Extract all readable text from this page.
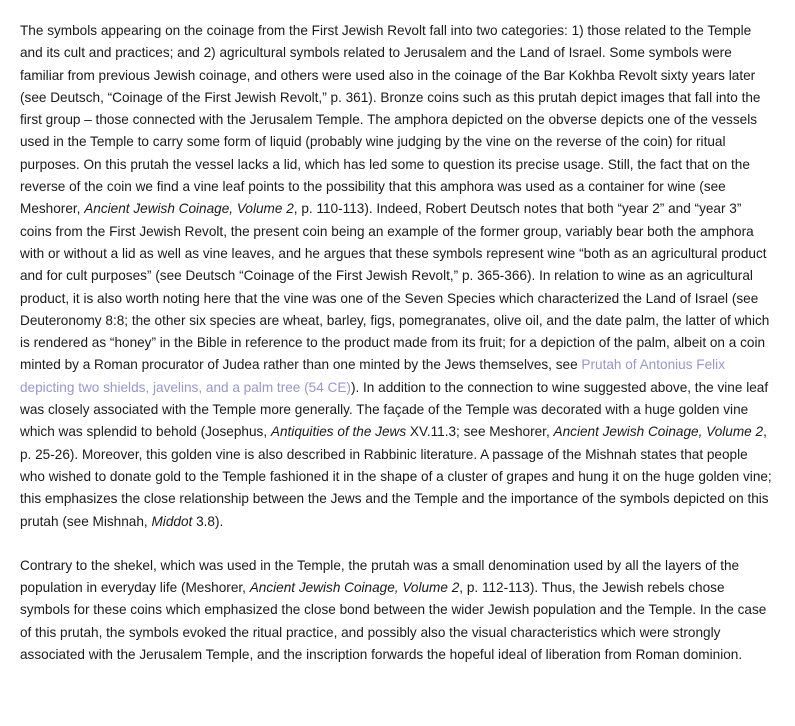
The symbols appearing on the coinage from the First Jewish Revolt fall into two categories: 1) those related to the Temple and its cult and practices; and 2) agricultural symbols related to Jerusalem and the Land of Israel. Some symbols were familiar from previous Jewish coinage, and others were used also in the coinage of the Bar Kokhba Revolt sixty years later (see Deutsch, “Coinage of the First Jewish Revolt,” p. 361). Bronze coins such as this prutah depict images that fall into the first group – those connected with the Jerusalem Temple. The amphora depicted on the obverse depicts one of the vessels used in the Temple to carry some form of liquid (probably wine judging by the vine on the reverse of the coin) for ritual purposes. On this prutah the vessel lacks a lid, which has led some to question its precise usage. Still, the fact that on the reverse of the coin we find a vine leaf points to the possibility that this amphora was used as a container for wine (see Meshorer, Ancient Jewish Coinage, Volume 2, p. 110-113). Indeed, Robert Deutsch notes that both “year 2” and “year 3” coins from the First Jewish Revolt, the present coin being an example of the former group, variably bear both the amphora with or without a lid as well as vine leaves, and he argues that these symbols represent wine “both as an agricultural product and for cult purposes” (see Deutsch “Coinage of the First Jewish Revolt,” p. 365-366). In relation to wine as an agricultural product, it is also worth noting here that the vine was one of the Seven Species which characterized the Land of Israel (see Deuteronomy 8:8; the other six species are wheat, barley, figs, pomegranates, olive oil, and the date palm, the latter of which is rendered as “honey” in the Bible in reference to the product made from its fruit; for a depiction of the palm, albeit on a coin minted by a Roman procurator of Judea rather than one minted by the Jews themselves, see Prutah of Antonius Felix depicting two shields, javelins, and a palm tree (54 CE)). In addition to the connection to wine suggested above, the vine leaf was closely associated with the Temple more generally. The façade of the Temple was decorated with a huge golden vine which was splendid to behold (Josephus, Antiquities of the Jews XV.11.3; see Meshorer, Ancient Jewish Coinage, Volume 2, p. 25-26). Moreover, this golden vine is also described in Rabbinic literature. A passage of the Mishnah states that people who wished to donate gold to the Temple fashioned it in the shape of a cluster of grapes and hung it on the huge golden vine; this emphasizes the close relationship between the Jews and the Temple and the importance of the symbols depicted on this prutah (see Mishnah, Middot 3.8).

Contrary to the shekel, which was used in the Temple, the prutah was a small denomination used by all the layers of the population in everyday life (Meshorer, Ancient Jewish Coinage, Volume 2, p. 112-113). Thus, the Jewish rebels chose symbols for these coins which emphasized the close bond between the wider Jewish population and the Temple. In the case of this prutah, the symbols evoked the ritual practice, and possibly also the visual characteristics which were strongly associated with the Jerusalem Temple, and the inscription forwards the hopeful ideal of liberation from Roman dominion.
